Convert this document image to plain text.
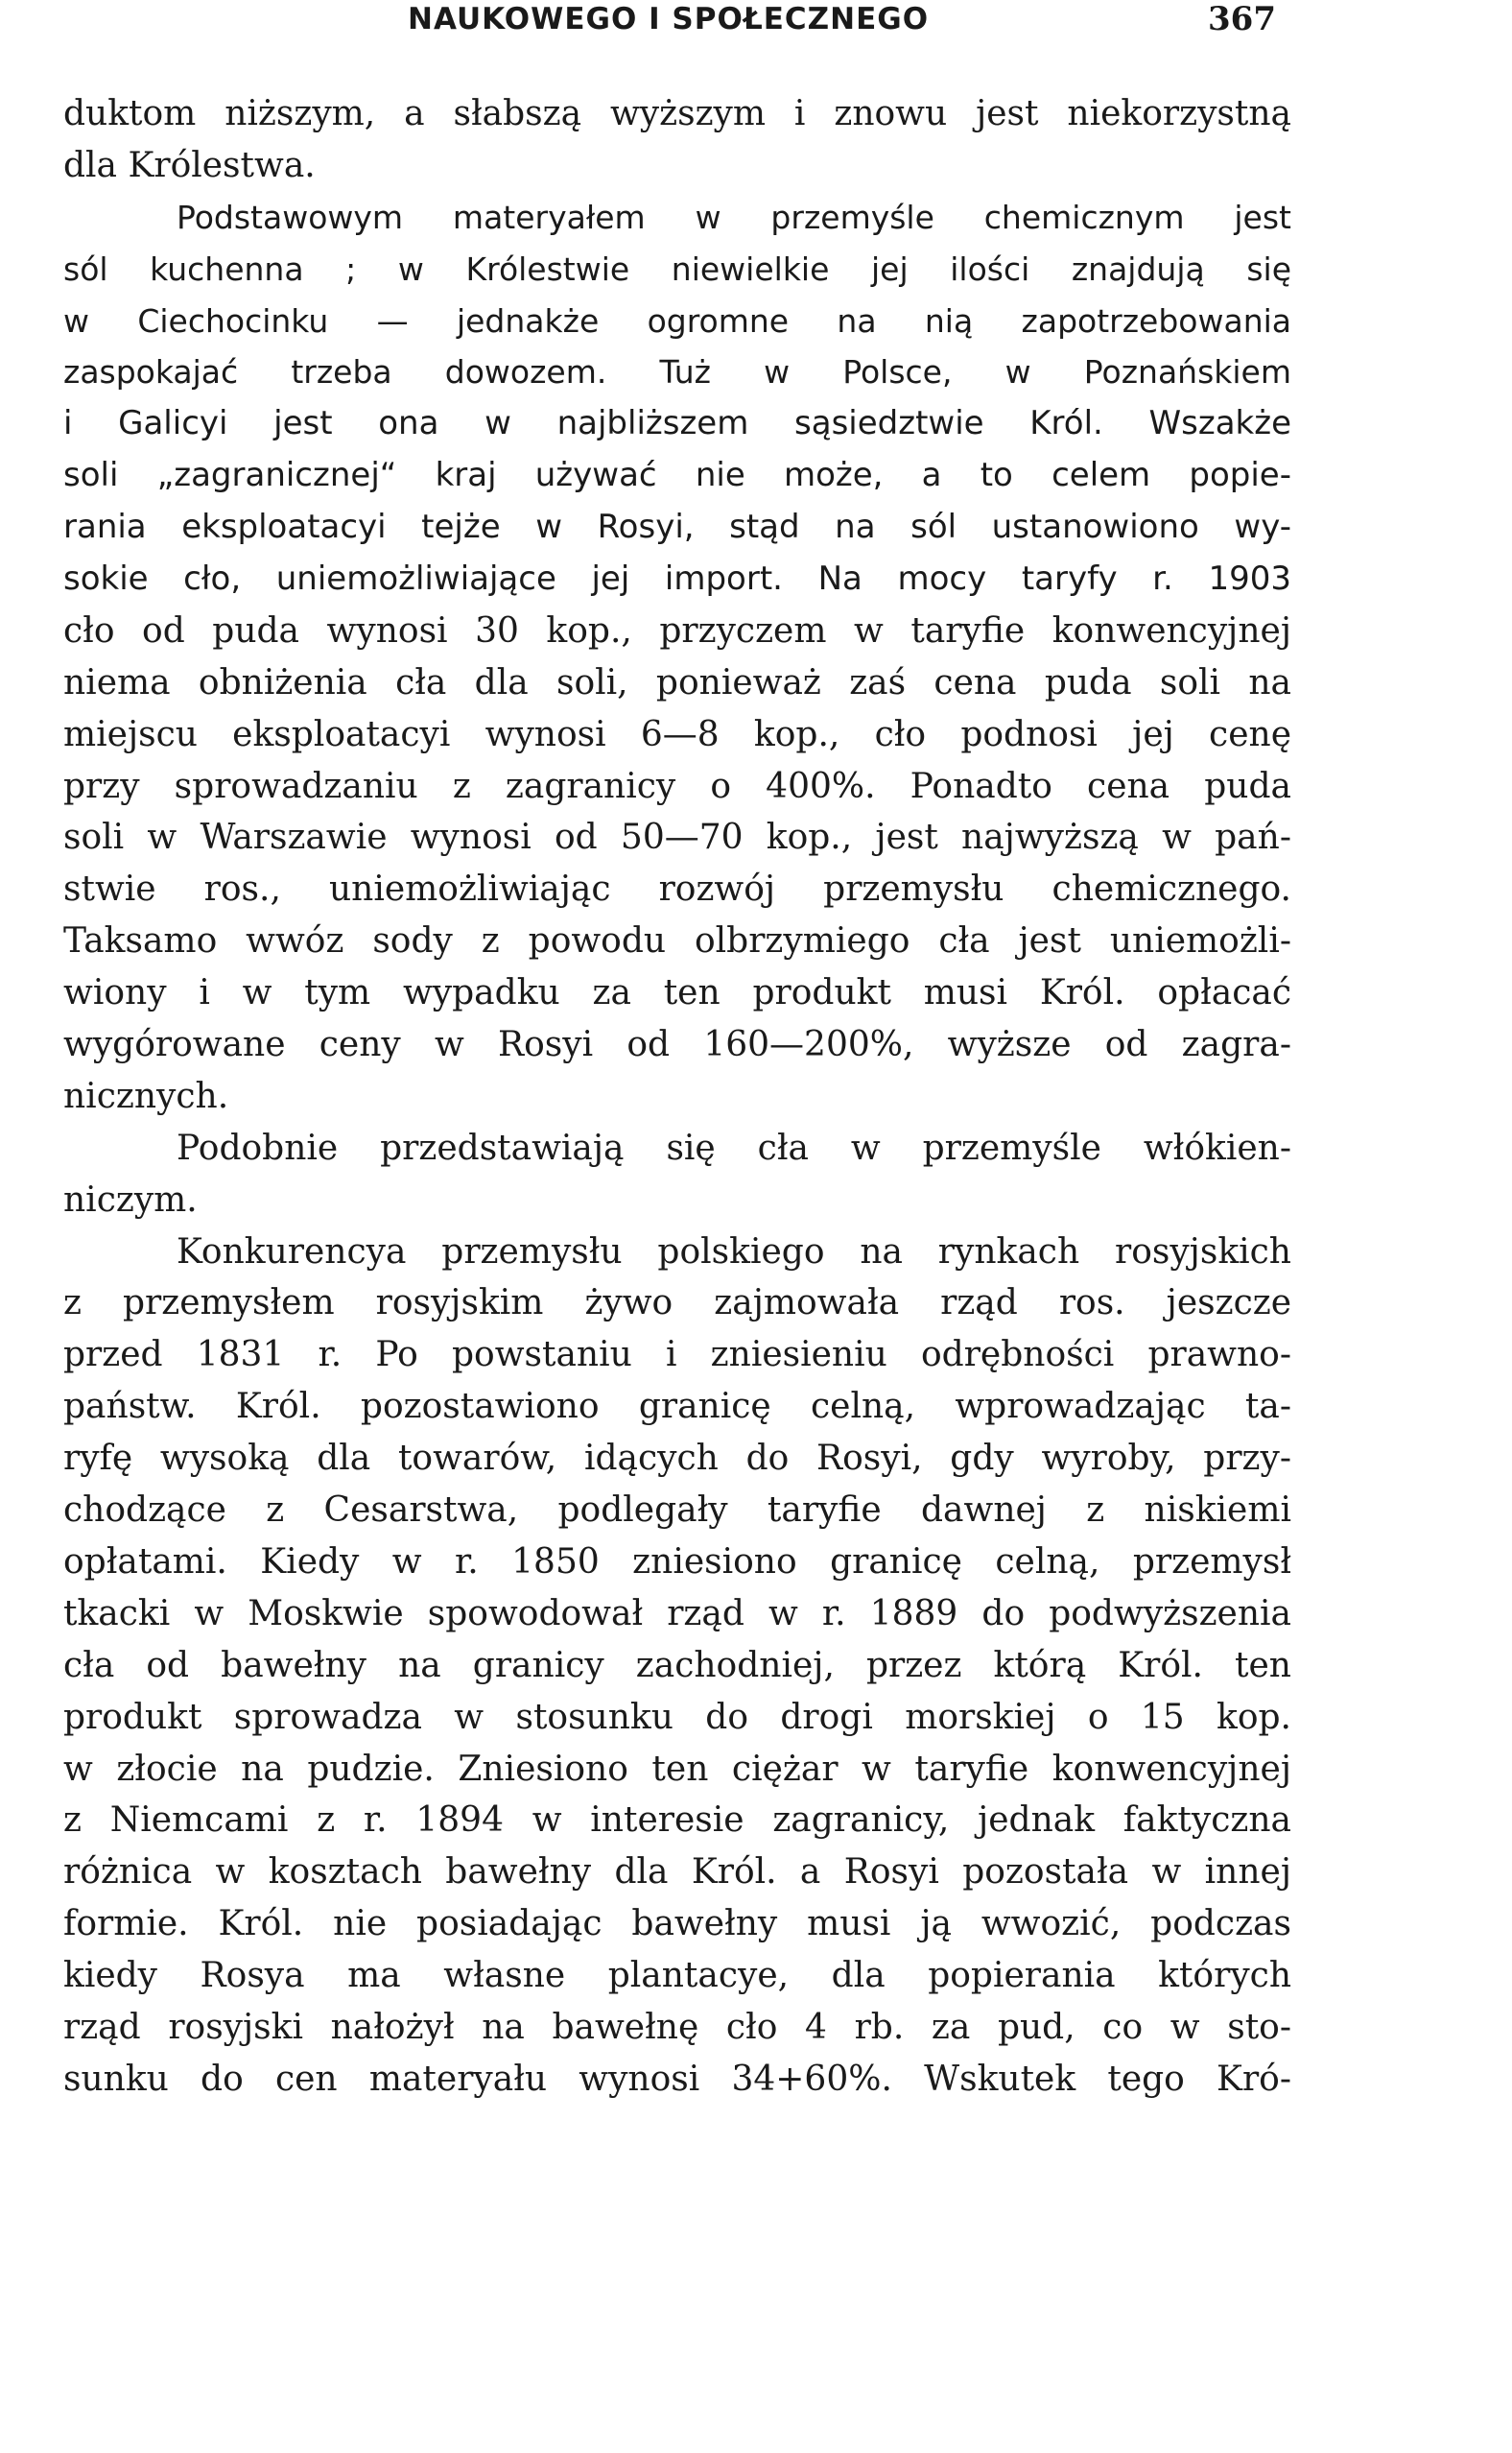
NAUKOWEGO I SPOŁECZNEGO	367
duktom niższym, a słabszą wyższym i znowu jest niekorzystną
dla Królestwa.
Podstawowym materyałem w przemyśle chemicznym jest
sól kuchenna ; w Królestwie niewielkie jej ilości znajdują się
w Ciechocinku — jednakże ogromne na nią zapotrzebowania
zaspokajać trzeba dowozem. Tuż w Polsce, w Poznańskiem
i Galicyi jest ona w najbliższem sąsiedztwie Król. Wszakże
soli „zagranicznej“ kraj używać nie może, a to celem popie-
rania eksploatacyi tejże w Rosyi, stąd na sól ustanowiono wy-
sokie cło, uniemożliwiające jej import. Na mocy taryfy r. 1903
cło od puda wynosi 30 kop., przyczem w taryfie konwencyjnej
niema obniżenia cła dla soli, ponieważ zaś cena puda soli na
miejscu eksploatacyi wynosi 6—8 kop., cło podnosi jej cenę
przy sprowadzaniu z zagranicy o 400%. Ponadto cena puda
soli w Warszawie wynosi od 50—70 kop., jest najwyższą w pań-
stwie ros., uniemożliwiając rozwój przemysłu chemicznego.
Taksamo wwóz sody z powodu olbrzymiego cła jest uniemożli-
wiony i w tym wypadku za ten produkt musi Król. opłacać
wygórowane ceny w Rosyi od 160—200%, wyższe od zagra-
nicznych.
Podobnie przedstawiają się cła w przemyśle włókien-
niczym.
Konkurencya przemysłu polskiego na rynkach rosyjskich
z przemysłem rosyjskim żywo zajmowała rząd ros. jeszcze
przed 1831 r. Po powstaniu i zniesieniu odrębności prawno-
państw. Król. pozostawiono granicę celną, wprowadzając ta-
ryfę wysoką dla towarów, idących do Rosyi, gdy wyroby, przy-
chodzące z Cesarstwa, podlegały taryfie dawnej z niskiemi
opłatami. Kiedy w r. 1850 zniesiono granicę celną, przemysł
tkacki w Moskwie spowodował rząd w r. 1889 do podwyższenia
cła od bawełny na granicy zachodniej, przez którą Król. ten
produkt sprowadza w stosunku do drogi morskiej o 15 kop.
w złocie na pudzie. Zniesiono ten ciężar w taryfie konwencyjnej
z Niemcami z r. 1894 w interesie zagranicy, jednak faktyczna
różnica w kosztach bawełny dla Król. a Rosyi pozostała w innej
formie. Król. nie posiadając bawełny musi ją wwozić, podczas
kiedy Rosya ma własne plantacye, dla popierania których
rząd rosyjski nałożył na bawełnę cło 4 rb. za pud, co w sto-
sunku do cen materyału wynosi 34+60%. Wskutek tego Kró-
